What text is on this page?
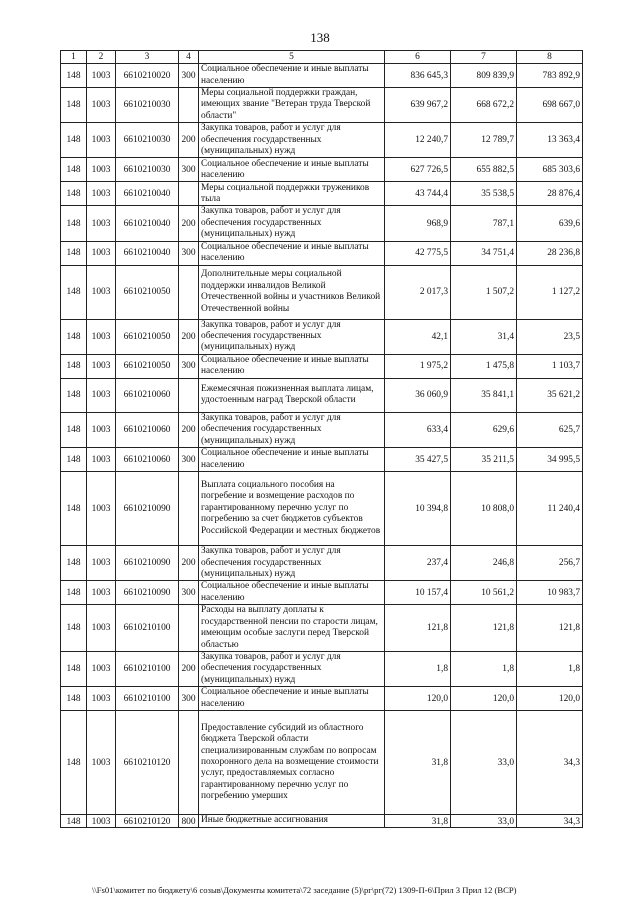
138
1	2	3	4	5	6	7	8
148	1003	6610210020	300	Социальное обеспечение и иные выплаты населению	836 645,3	809 839,9	783 892,9
148	1003	6610210030		Меры социальной поддержки граждан, имеющих звание "Ветеран труда Тверской области"	639 967,2	668 672,2	698 667,0
148	1003	6610210030	200	Закупка товаров, работ и услуг для обеспечения государственных (муниципальных) нужд	12 240,7	12 789,7	13 363,4
148	1003	6610210030	300	Социальное обеспечение и иные выплаты населению	627 726,5	655 882,5	685 303,6
148	1003	6610210040		Меры социальной поддержки тружеников тыла	43 744,4	35 538,5	28 876,4
148	1003	6610210040	200	Закупка товаров, работ и услуг для обеспечения государственных (муниципальных) нужд	968,9	787,1	639,6
148	1003	6610210040	300	Социальное обеспечение и иные выплаты населению	42 775,5	34 751,4	28 236,8
148	1003	6610210050		Дополнительные меры социальной поддержки инвалидов Великой Отечественной войны и участников Великой Отечественной войны	2 017,3	1 507,2	1 127,2
148	1003	6610210050	200	Закупка товаров, работ и услуг для обеспечения государственных (муниципальных) нужд	42,1	31,4	23,5
148	1003	6610210050	300	Социальное обеспечение и иные выплаты населению	1 975,2	1 475,8	1 103,7
148	1003	6610210060		Ежемесячная пожизненная выплата лицам, удостоенным наград Тверской области	36 060,9	35 841,1	35 621,2
148	1003	6610210060	200	Закупка товаров, работ и услуг для обеспечения государственных (муниципальных) нужд	633,4	629,6	625,7
148	1003	6610210060	300	Социальное обеспечение и иные выплаты населению	35 427,5	35 211,5	34 995,5
148	1003	6610210090		Выплата социального пособия на погребение и возмещение расходов по гарантированному перечню услуг по погребению за счет бюджетов субъектов Российской Федерации и местных бюджетов	10 394,8	10 808,0	11 240,4
148	1003	6610210090	200	Закупка товаров, работ и услуг для обеспечения государственных (муниципальных) нужд	237,4	246,8	256,7
148	1003	6610210090	300	Социальное обеспечение и иные выплаты населению	10 157,4	10 561,2	10 983,7
148	1003	6610210100		Расходы на выплату доплаты к государственной пенсии по старости лицам, имеющим особые заслуги перед Тверской областью	121,8	121,8	121,8
148	1003	6610210100	200	Закупка товаров, работ и услуг для обеспечения государственных (муниципальных) нужд	1,8	1,8	1,8
148	1003	6610210100	300	Социальное обеспечение и иные выплаты населению	120,0	120,0	120,0
148	1003	6610210120		Предоставление субсидий из областного бюджета Тверской области специализированным службам по вопросам похоронного дела на возмещение стоимости услуг, предоставляемых согласно гарантированному перечню услуг по погребению умерших	31,8	33,0	34,3
148	1003	6610210120	800	Иные бюджетные ассигнования	31,8	33,0	34,3
\\Fs01\комитет по бюджету\6 созыв\Документы комитета\72 заседание (5)\рг\рг(72) 1309-П-6\Прил 3 Прил 12 (ВСР)
